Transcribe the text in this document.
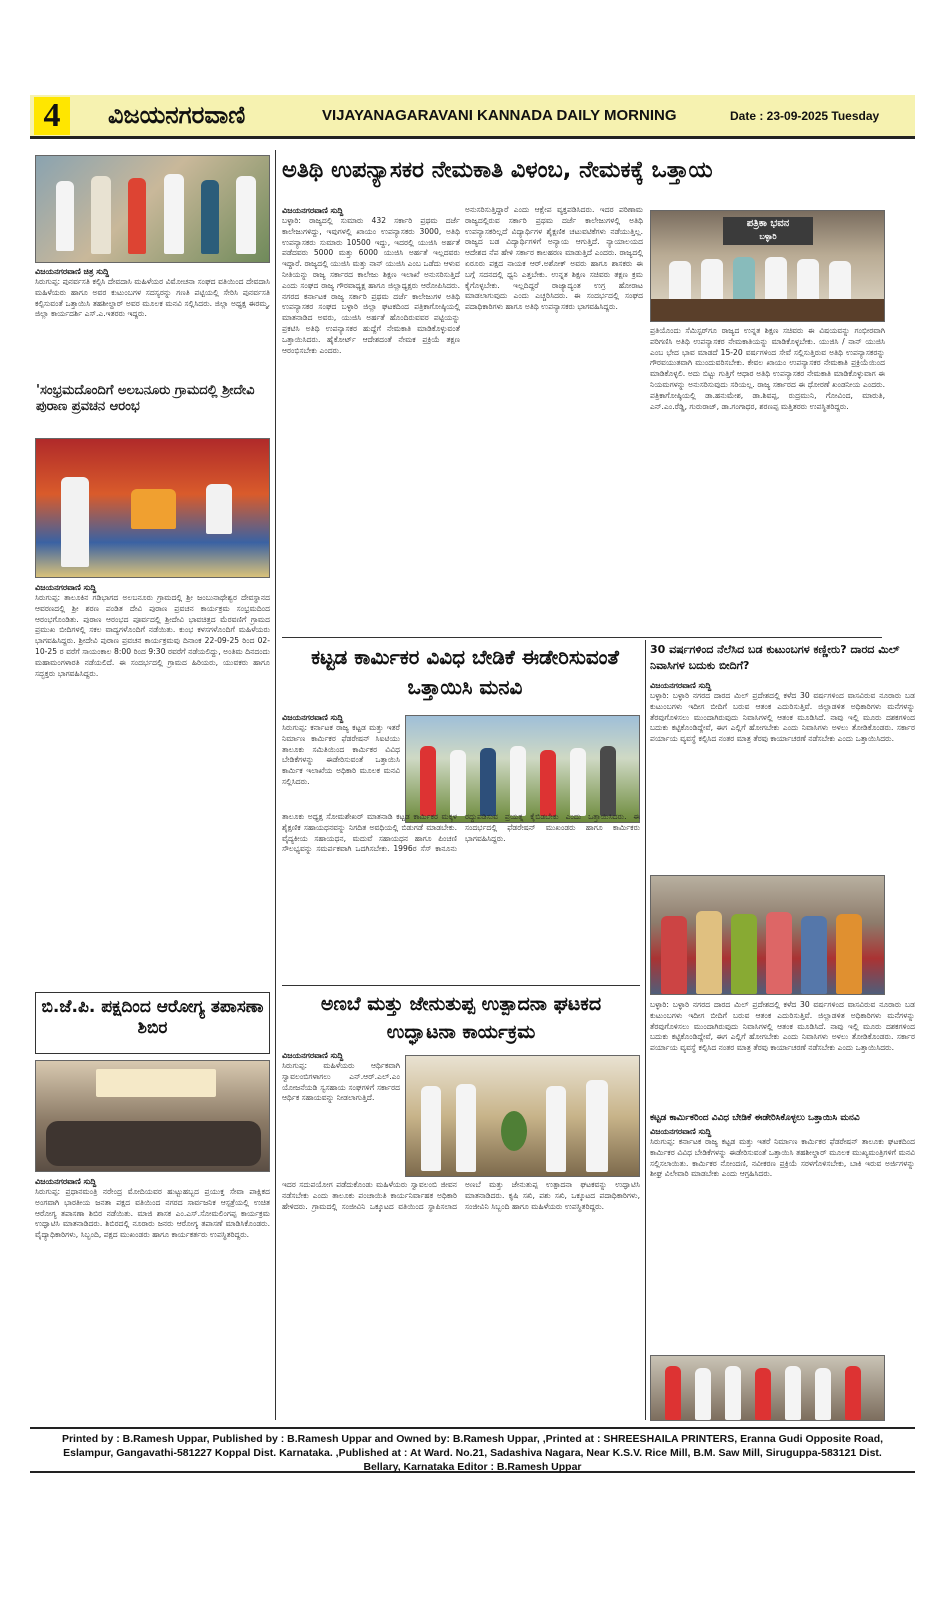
4	ವಿಜಯನಗರವಾಣಿ	VIJAYANAGARAVANI KANNADA DAILY MORNING	Date : 23-09-2025 Tuesday
ವಿಜಯನಗರವಾಣಿ ಚಿತ್ರ ಸುದ್ದಿ
ಸಿರುಗುಪ್ಪ: ಪುನರ್ವಸತಿ ಕಲ್ಪಿಸಿ ದೇವದಾಸಿ ಮಹಿಳೆಯರ ವಿಮೋಚನಾ ಸಂಘದ ವತಿಯಿಂದ ದೇವದಾಸಿ ಮಹಿಳೆಯರು ಹಾಗೂ ಅವರ ಕುಟುಂಬಗಳ ಸದಸ್ಯರನ್ನು ಗಣತಿ ಪಟ್ಟಿಯಲ್ಲಿ ಸೇರಿಸಿ ಪುನರ್ವಸತಿ ಕಲ್ಪಿಸುವಂತೆ ಒತ್ತಾಯಿಸಿ ತಹಶೀಲ್ದಾರ್ ಅವರ ಮೂಲಕ ಮನವಿ ಸಲ್ಲಿಸಿದರು. ಜಿಲ್ಲಾ ಅಧ್ಯಕ್ಷ ಈರಮ್ಮ, ಜಿಲ್ಲಾ ಕಾರ್ಯದರ್ಶಿ ಎಸ್.ಎ.ಇತರರು ಇದ್ದರು.
'ಸಂಭ್ರಮದೊಂದಿಗೆ ಅಲಬನೂರು ಗ್ರಾಮದಲ್ಲಿ ಶ್ರೀದೇವಿ ಪುರಾಣ ಪ್ರವಚನ ಆರಂಭ
ವಿಜಯನಗರವಾಣಿ ಸುದ್ದಿ
ಸಿರುಗುಪ್ಪ: ತಾಲೂಕಿನ ಗಡಿಭಾಗದ ಅಲಬನೂರು ಗ್ರಾಮದಲ್ಲಿ ಶ್ರೀ ಜಂಬುನಾಥೇಶ್ವರ ದೇವಸ್ಥಾನದ ಆವರಣದಲ್ಲಿ ಶ್ರೀ ಶರಣ ಪಂಡಿತ ದೇವಿ ಪುರಾಣ ಪ್ರವಚನ ಕಾರ್ಯಕ್ರಮ ಸಂಭ್ರಮದಿಂದ ಆರಂಭಗೊಂಡಿತು. ಪುರಾಣ ಆರಂಭದ ಪೂರ್ವದಲ್ಲಿ ಶ್ರೀದೇವಿ ಭಾವಚಿತ್ರದ ಮೆರವಣಿಗೆ ಗ್ರಾಮದ ಪ್ರಮುಖ ಬೀದಿಗಳಲ್ಲಿ ಸಕಲ ವಾದ್ಯಗಳೊಂದಿಗೆ ನಡೆಯಿತು. ಕುಂಭ ಕಳಸಗಳೊಂದಿಗೆ ಮಹಿಳೆಯರು ಭಾಗವಹಿಸಿದ್ದರು. ಶ್ರೀದೇವಿ ಪುರಾಣ ಪ್ರವಚನ ಕಾರ್ಯಕ್ರಮವು ದಿನಾಂಕ 22-09-25 ರಿಂದ 02-10-25 ರ ವರೆಗೆ ಸಾಯಂಕಾಲ 8:00 ರಿಂದ 9:30 ರವರೆಗೆ ನಡೆಯಲಿದ್ದು, ಅಂತಿಮ ದಿನದಂದು ಮಹಾಮಂಗಳಾರತಿ ನಡೆಯಲಿದೆ. ಈ ಸಂದರ್ಭದಲ್ಲಿ ಗ್ರಾಮದ ಹಿರಿಯರು, ಯುವಕರು ಹಾಗೂ ಸದ್ಭಕ್ತರು ಭಾಗವಹಿಸಿದ್ದರು.
ಬಿ.ಜೆ.ಪಿ. ಪಕ್ಷದಿಂದ ಆರೋಗ್ಯ ತಪಾಸಣಾ ಶಿಬಿರ
ವಿಜಯನಗರವಾಣಿ ಸುದ್ದಿ
ಸಿರುಗುಪ್ಪ: ಪ್ರಧಾನಮಂತ್ರಿ ನರೇಂದ್ರ ಮೋದಿಯವರ ಹುಟ್ಟುಹಬ್ಬದ ಪ್ರಯುಕ್ತ ಸೇವಾ ಪಾಕ್ಷಿಕದ ಅಂಗವಾಗಿ ಭಾರತೀಯ ಜನತಾ ಪಕ್ಷದ ವತಿಯಿಂದ ನಗರದ ಸಾರ್ವಜನಿಕ ಆಸ್ಪತ್ರೆಯಲ್ಲಿ ಉಚಿತ ಆರೋಗ್ಯ ತಪಾಸಣಾ ಶಿಬಿರ ನಡೆಯಿತು. ಮಾಜಿ ಶಾಸಕ ಎಂ.ಎಸ್.ಸೋಮಲಿಂಗಪ್ಪ ಕಾರ್ಯಕ್ರಮ ಉದ್ಘಾಟಿಸಿ ಮಾತನಾಡಿದರು. ಶಿಬಿರದಲ್ಲಿ ನೂರಾರು ಜನರು ಆರೋಗ್ಯ ತಪಾಸಣೆ ಮಾಡಿಸಿಕೊಂಡರು. ವೈದ್ಯಾಧಿಕಾರಿಗಳು, ಸಿಬ್ಬಂದಿ, ಪಕ್ಷದ ಮುಖಂಡರು ಹಾಗೂ ಕಾರ್ಯಕರ್ತರು ಉಪಸ್ಥಿತರಿದ್ದರು.
ಅತಿಥಿ ಉಪನ್ಯಾಸಕರ ನೇಮಕಾತಿ ವಿಳಂಬ, ನೇಮಕಕ್ಕೆ ಒತ್ತಾಯ
ವಿಜಯನಗರವಾಣಿ ಸುದ್ದಿ
ಬಳ್ಳಾರಿ: ರಾಜ್ಯದಲ್ಲಿ ಸುಮಾರು 432 ಸರ್ಕಾರಿ ಪ್ರಥಮ ದರ್ಜೆ ಕಾಲೇಜುಗಳಿದ್ದು, ಇವುಗಳಲ್ಲಿ ಖಾಯಂ ಉಪನ್ಯಾಸಕರು 3000, ಅತಿಥಿ ಉಪನ್ಯಾಸಕರು ಸುಮಾರು 10500 ಇದ್ದು, ಇದರಲ್ಲಿ ಯುಜಿಸಿ ಅರ್ಹತೆ ಪಡೆದವರು 5000 ಮತ್ತು 6000 ಯುಜಿಸಿ ಅರ್ಹತೆ ಇಲ್ಲದವರು ಇದ್ದಾರೆ. ರಾಜ್ಯದಲ್ಲಿ ಯುಜಿಸಿ ಮತ್ತು ನಾನ್ ಯುಜಿಸಿ ಎಂಬ ಒಡೆದು ಆಳುವ ನೀತಿಯನ್ನು ರಾಜ್ಯ ಸರ್ಕಾರದ ಕಾಲೇಜು ಶಿಕ್ಷಣ ಇಲಾಖೆ ಅನುಸರಿಸುತ್ತಿದೆ ಎಂದು ಸಂಘದ ರಾಜ್ಯ ಗೌರವಾಧ್ಯಕ್ಷ ಹಾಗೂ ಜಿಲ್ಲಾಧ್ಯಕ್ಷರು ಆರೋಪಿಸಿದರು. ನಗರದ ಕರ್ನಾಟಕ ರಾಜ್ಯ ಸರ್ಕಾರಿ ಪ್ರಥಮ ದರ್ಜೆ ಕಾಲೇಜುಗಳ ಅತಿಥಿ ಉಪನ್ಯಾಸಕರ ಸಂಘದ ಬಳ್ಳಾರಿ ಜಿಲ್ಲಾ ಘಟಕದಿಂದ ಪತ್ರಿಕಾಗೋಷ್ಠಿಯಲ್ಲಿ ಮಾತನಾಡಿದ ಅವರು, ಯುಜಿಸಿ ಅರ್ಹತೆ ಹೊಂದಿರುವವರ ಪಟ್ಟಿಯನ್ನು ಪ್ರಕಟಿಸಿ ಅತಿಥಿ ಉಪನ್ಯಾಸಕರ ಹುದ್ದೆಗೆ ನೇಮಕಾತಿ ಮಾಡಿಕೊಳ್ಳುವಂತೆ ಒತ್ತಾಯಿಸಿದರು. ಹೈಕೋರ್ಟ್ ಆದೇಶದಂತೆ ನೇಮಕ ಪ್ರಕ್ರಿಯೆ ತಕ್ಷಣ ಆರಂಭಿಸಬೇಕು ಎಂದರು.
ಅನುಸರಿಸುತ್ತಿದ್ದಾರೆ ಎಂದು ಆಕ್ಷೇಪ ವ್ಯಕ್ತಪಡಿಸಿದರು. ಇದರ ಪರಿಣಾಮ ರಾಜ್ಯದಲ್ಲಿರುವ ಸರ್ಕಾರಿ ಪ್ರಥಮ ದರ್ಜೆ ಕಾಲೇಜುಗಳಲ್ಲಿ ಅತಿಥಿ ಉಪನ್ಯಾಸಕರಿಲ್ಲದೆ ವಿದ್ಯಾರ್ಥಿಗಳ ಶೈಕ್ಷಣಿಕ ಚಟುವಟಿಕೆಗಳು ನಡೆಯುತ್ತಿಲ್ಲ. ರಾಜ್ಯದ ಬಡ ವಿದ್ಯಾರ್ಥಿಗಳಿಗೆ ಅನ್ಯಾಯ ಆಗುತ್ತಿದೆ. ನ್ಯಾಯಾಲಯದ ಆದೇಶದ ನೆಪ ಹೇಳಿ ಸರ್ಕಾರ ಕಾಲಹರಣ ಮಾಡುತ್ತಿದೆ ಎಂದರು. ರಾಜ್ಯದಲ್ಲಿ ಏರೂರು ಪಕ್ಷದ ನಾಯಕ ಆರ್.ಅಶೋಕ್ ಅವರು ಹಾಗೂ ಶಾಸಕರು ಈ ಬಗ್ಗೆ ಸದನದಲ್ಲಿ ಧ್ವನಿ ಎತ್ತಬೇಕು. ಉನ್ನತ ಶಿಕ್ಷಣ ಸಚಿವರು ತಕ್ಷಣ ಕ್ರಮ ಕೈಗೊಳ್ಳಬೇಕು. ಇಲ್ಲದಿದ್ದರೆ ರಾಜ್ಯಾದ್ಯಂತ ಉಗ್ರ ಹೋರಾಟ ಮಾಡಲಾಗುವುದು ಎಂದು ಎಚ್ಚರಿಸಿದರು. ಈ ಸಂದರ್ಭದಲ್ಲಿ ಸಂಘದ ಪದಾಧಿಕಾರಿಗಳು ಹಾಗೂ ಅತಿಥಿ ಉಪನ್ಯಾಸಕರು ಭಾಗವಹಿಸಿದ್ದರು.
ಪತ್ರಿಕಾ ಭವನ
ಬಳ್ಳಾರಿ
ಪ್ರತಿಯೊಂದು ಸೆಮಿಸ್ಟರ್‌ಗೂ ರಾಜ್ಯದ ಉನ್ನತ ಶಿಕ್ಷಣ ಸಚಿವರು ಈ ವಿಷಯವನ್ನು ಗಂಭೀರವಾಗಿ ಪರಿಗಣಿಸಿ ಅತಿಥಿ ಉಪನ್ಯಾಸಕರ ನೇಮಕಾತಿಯನ್ನು ಮಾಡಿಕೊಳ್ಳಬೇಕು. ಯುಜಿಸಿ / ನಾನ್ ಯುಜಿಸಿ ಎಂಬ ಭೇದ ಭಾವ ಮಾಡದೆ 15-20 ವರ್ಷಗಳಿಂದ ಸೇವೆ ಸಲ್ಲಿಸುತ್ತಿರುವ ಅತಿಥಿ ಉಪನ್ಯಾಸಕರನ್ನು ಗೌರವಯುತವಾಗಿ ಮುಂದುವರಿಸಬೇಕು. ಕೇವಲ ಖಾಯಂ ಉಪನ್ಯಾಸಕರ ನೇಮಕಾತಿ ಪ್ರಕ್ರಿಯೆಯಿಂದ ಮಾಡಿಕೊಳ್ಳಲಿ. ಅದು ಬಿಟ್ಟು ಗುತ್ತಿಗೆ ಆಧಾರ ಅತಿಥಿ ಉಪನ್ಯಾಸಕರ ನೇಮಕಾತಿ ಮಾಡಿಕೊಳ್ಳುವಾಗ ಈ ನಿಯಮಗಳನ್ನು ಅನುಸರಿಸುವುದು ಸರಿಯಲ್ಲ. ರಾಜ್ಯ ಸರ್ಕಾರದ ಈ ಧೋರಣೆ ಖಂಡನೀಯ ಎಂದರು. ಪತ್ರಿಕಾಗೋಷ್ಠಿಯಲ್ಲಿ ಡಾ.ಹನುಮೇಶ, ಡಾ.ಶಿವಪ್ಪ, ರುದ್ರಮುನಿ, ಗೋವಿಂದ, ಮಾರುತಿ, ಎನ್.ಎಂ.ರೆಡ್ಡಿ, ಗುರುರಾಜ್, ಡಾ.ಗಂಗಾಧರ, ಶರಣಪ್ಪ ಮತ್ತಿತರರು ಉಪಸ್ಥಿತರಿದ್ದರು.
ಕಟ್ಟಡ ಕಾರ್ಮಿಕರ ವಿವಿಧ ಬೇಡಿಕೆ ಈಡೇರಿಸುವಂತೆ ಒತ್ತಾಯಿಸಿ ಮನವಿ
ವಿಜಯನಗರವಾಣಿ ಸುದ್ದಿ
ಸಿರುಗುಪ್ಪ: ಕರ್ನಾಟಕ ರಾಜ್ಯ ಕಟ್ಟಡ ಮತ್ತು ಇತರೆ ನಿರ್ಮಾಣ ಕಾರ್ಮಿಕರ ಫೆಡರೇಷನ್ ಸಿಐಟಿಯು ತಾಲೂಕು ಸಮಿತಿಯಿಂದ ಕಾರ್ಮಿಕರ ವಿವಿಧ ಬೇಡಿಕೆಗಳನ್ನು ಈಡೇರಿಸುವಂತೆ ಒತ್ತಾಯಿಸಿ ಕಾರ್ಮಿಕ ಇಲಾಖೆಯ ಅಧಿಕಾರಿ ಮೂಲಕ ಮನವಿ ಸಲ್ಲಿಸಿದರು.
ತಾಲೂಕು ಅಧ್ಯಕ್ಷ ಸೋಮಶೇಖರ್ ಮಾತನಾಡಿ ಕಟ್ಟಡ ಕಾರ್ಮಿಕರ ಮಕ್ಕಳ ಶೈಕ್ಷಣಿಕ ಸಹಾಯಧನವನ್ನು ನಿಗದಿತ ಅವಧಿಯಲ್ಲಿ ಬಿಡುಗಡೆ ಮಾಡಬೇಕು. ವೈದ್ಯಕೀಯ ಸಹಾಯಧನ, ಮದುವೆ ಸಹಾಯಧನ ಹಾಗೂ ಪಿಂಚಣಿ ಸೌಲಭ್ಯವನ್ನು ಸಮರ್ಪಕವಾಗಿ ಒದಗಿಸಬೇಕು. 1996ರ ಸೆಸ್ ಕಾನೂನು ರದ್ದುಪಡಿಸುವ ಪ್ರಯತ್ನ ಕೈಬಿಡಬೇಕು ಎಂದು ಒತ್ತಾಯಿಸಿದರು. ಈ ಸಂದರ್ಭದಲ್ಲಿ ಫೆಡರೇಷನ್ ಮುಖಂಡರು ಹಾಗೂ ಕಾರ್ಮಿಕರು ಭಾಗವಹಿಸಿದ್ದರು.
ಅಣಬೆ ಮತ್ತು ಜೇನುತುಪ್ಪ ಉತ್ಪಾದನಾ ಘಟಕದ ಉದ್ಘಾಟನಾ ಕಾರ್ಯಕ್ರಮ
ವಿಜಯನಗರವಾಣಿ ಸುದ್ದಿ
ಸಿರುಗುಪ್ಪ: ಮಹಿಳೆಯರು ಆರ್ಥಿಕವಾಗಿ ಸ್ವಾವಲಂಬಿಗಳಾಗಲು ಎನ್.ಆರ್.ಎಲ್.ಎಂ ಯೋಜನೆಯಡಿ ಸ್ವಸಹಾಯ ಸಂಘಗಳಿಗೆ ಸರ್ಕಾರದ ಆರ್ಥಿಕ ಸಹಾಯವನ್ನು ನೀಡಲಾಗುತ್ತಿದೆ.
ಇದರ ಸದುಪಯೋಗ ಪಡೆದುಕೊಂಡು ಮಹಿಳೆಯರು ಸ್ವಾವಲಂಬಿ ಜೀವನ ನಡೆಸಬೇಕು ಎಂದು ತಾಲೂಕು ಪಂಚಾಯಿತಿ ಕಾರ್ಯನಿರ್ವಾಹಕ ಅಧಿಕಾರಿ ಹೇಳಿದರು. ಗ್ರಾಮದಲ್ಲಿ ಸಂಜೀವಿನಿ ಒಕ್ಕೂಟದ ವತಿಯಿಂದ ಸ್ಥಾಪಿಸಲಾದ ಅಣಬೆ ಮತ್ತು ಜೇನುತುಪ್ಪ ಉತ್ಪಾದನಾ ಘಟಕವನ್ನು ಉದ್ಘಾಟಿಸಿ ಮಾತನಾಡಿದರು. ಕೃಷಿ ಸಖಿ, ಪಶು ಸಖಿ, ಒಕ್ಕೂಟದ ಪದಾಧಿಕಾರಿಗಳು, ಸಂಜೀವಿನಿ ಸಿಬ್ಬಂದಿ ಹಾಗೂ ಮಹಿಳೆಯರು ಉಪಸ್ಥಿತರಿದ್ದರು.
30 ವರ್ಷಗಳಿಂದ ನೆಲೆಸಿದ ಬಡ ಕುಟುಂಬಗಳ ಕಣ್ಣೀರು? ದಾರದ ಮಿಲ್ ನಿವಾಸಿಗಳ ಬದುಕು ಬೀದಿಗೆ?
ವಿಜಯನಗರವಾಣಿ ಸುದ್ದಿ
ಬಳ್ಳಾರಿ: ಬಳ್ಳಾರಿ ನಗರದ ದಾರದ ಮಿಲ್ ಪ್ರದೇಶದಲ್ಲಿ ಕಳೆದ 30 ವರ್ಷಗಳಿಂದ ವಾಸವಿರುವ ನೂರಾರು ಬಡ ಕುಟುಂಬಗಳು ಇದೀಗ ಬೀದಿಗೆ ಬರುವ ಆತಂಕ ಎದುರಿಸುತ್ತಿವೆ. ಜಿಲ್ಲಾಡಳಿತ ಅಧಿಕಾರಿಗಳು ಮನೆಗಳನ್ನು ತೆರವುಗೊಳಿಸಲು ಮುಂದಾಗಿರುವುದು ನಿವಾಸಿಗಳಲ್ಲಿ ಆತಂಕ ಮೂಡಿಸಿದೆ. ನಾವು ಇಲ್ಲಿ ಮೂರು ದಶಕಗಳಿಂದ ಬದುಕು ಕಟ್ಟಿಕೊಂಡಿದ್ದೇವೆ, ಈಗ ಎಲ್ಲಿಗೆ ಹೋಗಬೇಕು ಎಂದು ನಿವಾಸಿಗಳು ಅಳಲು ತೋಡಿಕೊಂಡರು. ಸರ್ಕಾರ ಪರ್ಯಾಯ ವ್ಯವಸ್ಥೆ ಕಲ್ಪಿಸಿದ ನಂತರ ಮಾತ್ರ ತೆರವು ಕಾರ್ಯಾಚರಣೆ ನಡೆಸಬೇಕು ಎಂದು ಒತ್ತಾಯಿಸಿದರು.
ಬಳ್ಳಾರಿ: ಬಳ್ಳಾರಿ ನಗರದ ದಾರದ ಮಿಲ್ ಪ್ರದೇಶದಲ್ಲಿ ಕಳೆದ 30 ವರ್ಷಗಳಿಂದ ವಾಸವಿರುವ ನೂರಾರು ಬಡ ಕುಟುಂಬಗಳು ಇದೀಗ ಬೀದಿಗೆ ಬರುವ ಆತಂಕ ಎದುರಿಸುತ್ತಿವೆ. ಜಿಲ್ಲಾಡಳಿತ ಅಧಿಕಾರಿಗಳು ಮನೆಗಳನ್ನು ತೆರವುಗೊಳಿಸಲು ಮುಂದಾಗಿರುವುದು ನಿವಾಸಿಗಳಲ್ಲಿ ಆತಂಕ ಮೂಡಿಸಿದೆ. ನಾವು ಇಲ್ಲಿ ಮೂರು ದಶಕಗಳಿಂದ ಬದುಕು ಕಟ್ಟಿಕೊಂಡಿದ್ದೇವೆ, ಈಗ ಎಲ್ಲಿಗೆ ಹೋಗಬೇಕು ಎಂದು ನಿವಾಸಿಗಳು ಅಳಲು ತೋಡಿಕೊಂಡರು. ಸರ್ಕಾರ ಪರ್ಯಾಯ ವ್ಯವಸ್ಥೆ ಕಲ್ಪಿಸಿದ ನಂತರ ಮಾತ್ರ ತೆರವು ಕಾರ್ಯಾಚರಣೆ ನಡೆಸಬೇಕು ಎಂದು ಒತ್ತಾಯಿಸಿದರು.
ಕಟ್ಟಡ ಕಾರ್ಮಿಕರಿಂದ ವಿವಿಧ ಬೇಡಿಕೆ ಈಡೇರಿಸಿಕೊಳ್ಳಲು ಒತ್ತಾಯಿಸಿ ಮನವಿ
ವಿಜಯನಗರವಾಣಿ ಸುದ್ದಿ
ಸಿರುಗುಪ್ಪ: ಕರ್ನಾಟಕ ರಾಜ್ಯ ಕಟ್ಟಡ ಮತ್ತು ಇತರೆ ನಿರ್ಮಾಣ ಕಾರ್ಮಿಕರ ಫೆಡರೇಷನ್ ತಾಲೂಕು ಘಟಕದಿಂದ ಕಾರ್ಮಿಕರ ವಿವಿಧ ಬೇಡಿಕೆಗಳನ್ನು ಈಡೇರಿಸುವಂತೆ ಒತ್ತಾಯಿಸಿ ತಹಶೀಲ್ದಾರ್ ಮೂಲಕ ಮುಖ್ಯಮಂತ್ರಿಗಳಿಗೆ ಮನವಿ ಸಲ್ಲಿಸಲಾಯಿತು. ಕಾರ್ಮಿಕರ ನೋಂದಣಿ, ನವೀಕರಣ ಪ್ರಕ್ರಿಯೆ ಸರಳಗೊಳಿಸಬೇಕು, ಬಾಕಿ ಇರುವ ಅರ್ಜಿಗಳನ್ನು ಶೀಘ್ರ ವಿಲೇವಾರಿ ಮಾಡಬೇಕು ಎಂದು ಆಗ್ರಹಿಸಿದರು.
Printed by : B.Ramesh Uppar, Published by : B.Ramesh Uppar and Owned by: B.Ramesh Uppar, ,Printed at : SHREESHAILA PRINTERS, Eranna Gudi Opposite Road,
Eslampur, Gangavathi-581227 Koppal Dist. Karnataka. ,Published at : At Ward. No.21, Sadashiva Nagara, Near K.S.V. Rice Mill, B.M. Saw Mill, Siruguppa-583121 Dist.
Bellary, Karnataka Editor : B.Ramesh Uppar
